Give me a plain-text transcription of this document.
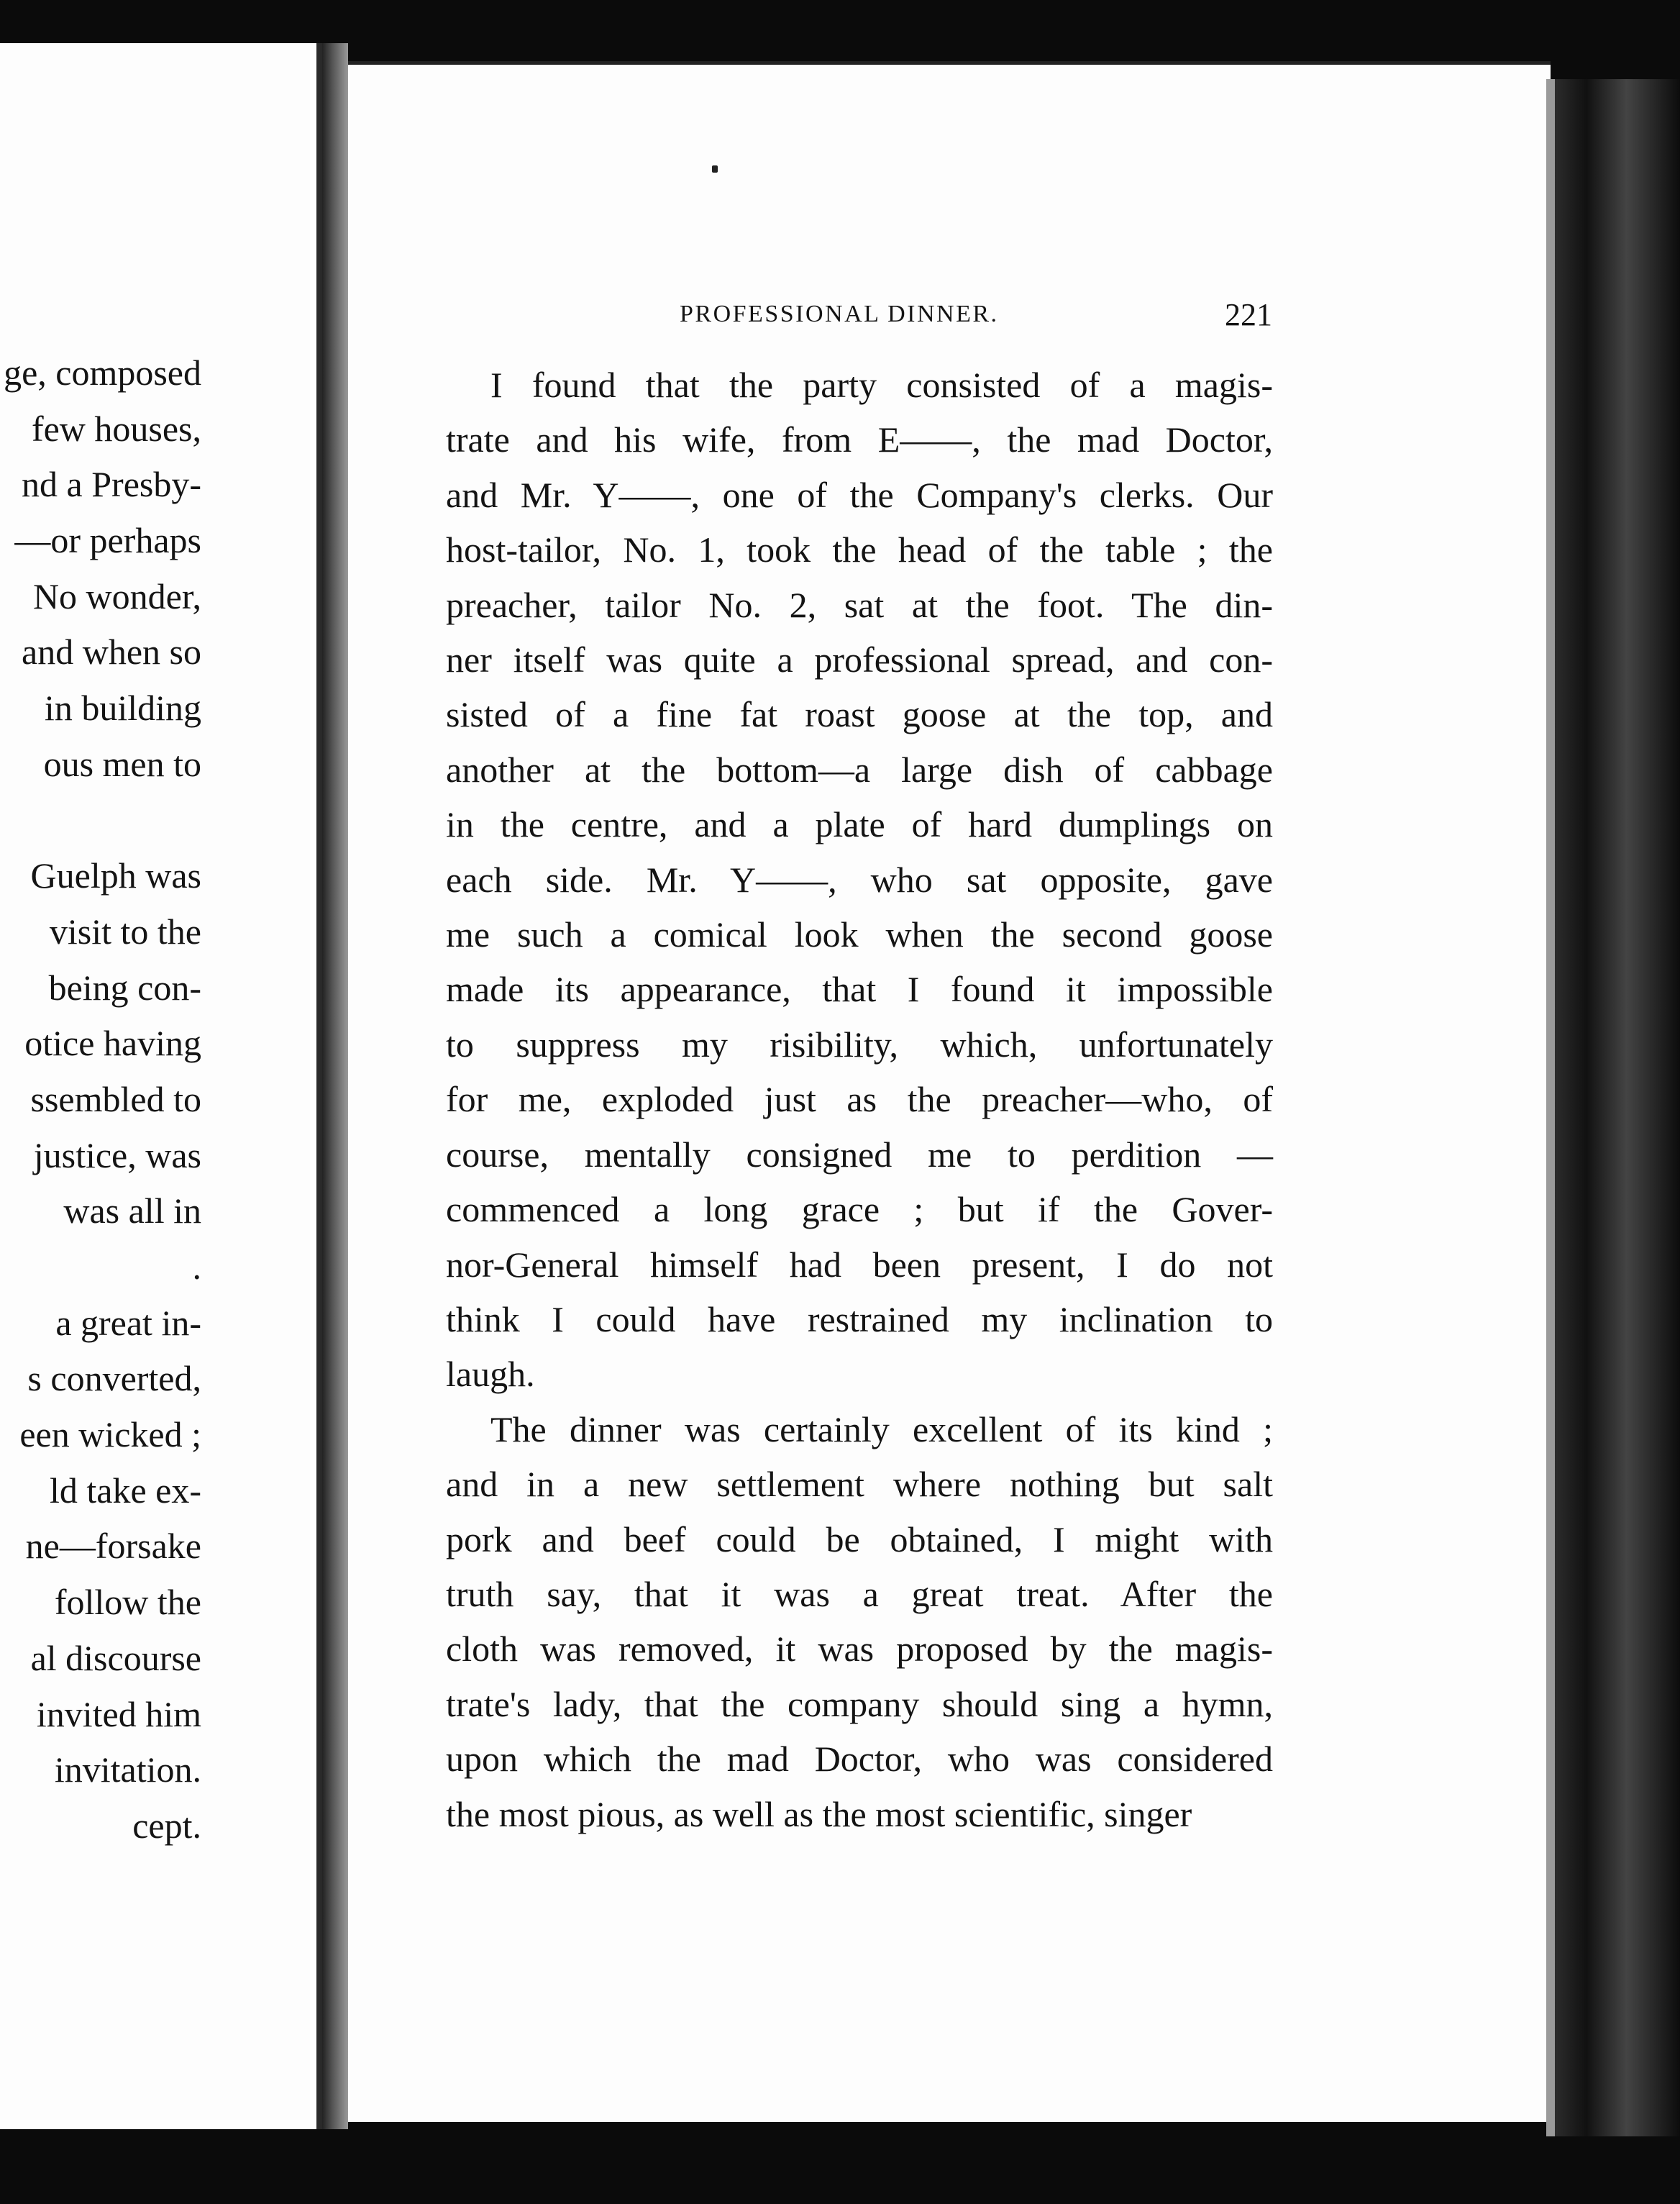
ge, composed
few houses,
nd a Presby-
—or perhaps
No wonder,
and when so
in building
ous men to
Guelph was
visit to the
being con-
otice having
ssembled to
justice, was
was all in
.
a great in-
s converted,
een wicked ;
ld take ex-
ne—forsake
follow the
al discourse
invited him
invitation.
cept.
PROFESSIONAL DINNER.	221
I found that the party consisted of a magis-
trate and his wife, from E——, the mad Doctor,
and Mr. Y——, one of the Company's clerks. Our
host-tailor, No. 1, took the head of the table ; the
preacher, tailor No. 2, sat at the foot. The din-
ner itself was quite a professional spread, and con-
sisted of a fine fat roast goose at the top, and
another at the bottom—a large dish of cabbage
in the centre, and a plate of hard dumplings on
each side. Mr. Y——, who sat opposite, gave
me such a comical look when the second goose
made its appearance, that I found it impossible
to suppress my risibility, which, unfortunately
for me, exploded just as the preacher—who, of
course, mentally consigned me to perdition —
commenced a long grace ; but if the Gover-
nor-General himself had been present, I do not
think I could have restrained my inclination to
laugh.
The dinner was certainly excellent of its kind ;
and in a new settlement where nothing but salt
pork and beef could be obtained, I might with
truth say, that it was a great treat. After the
cloth was removed, it was proposed by the magis-
trate's lady, that the company should sing a hymn,
upon which the mad Doctor, who was considered
the most pious, as well as the most scientific, singer
